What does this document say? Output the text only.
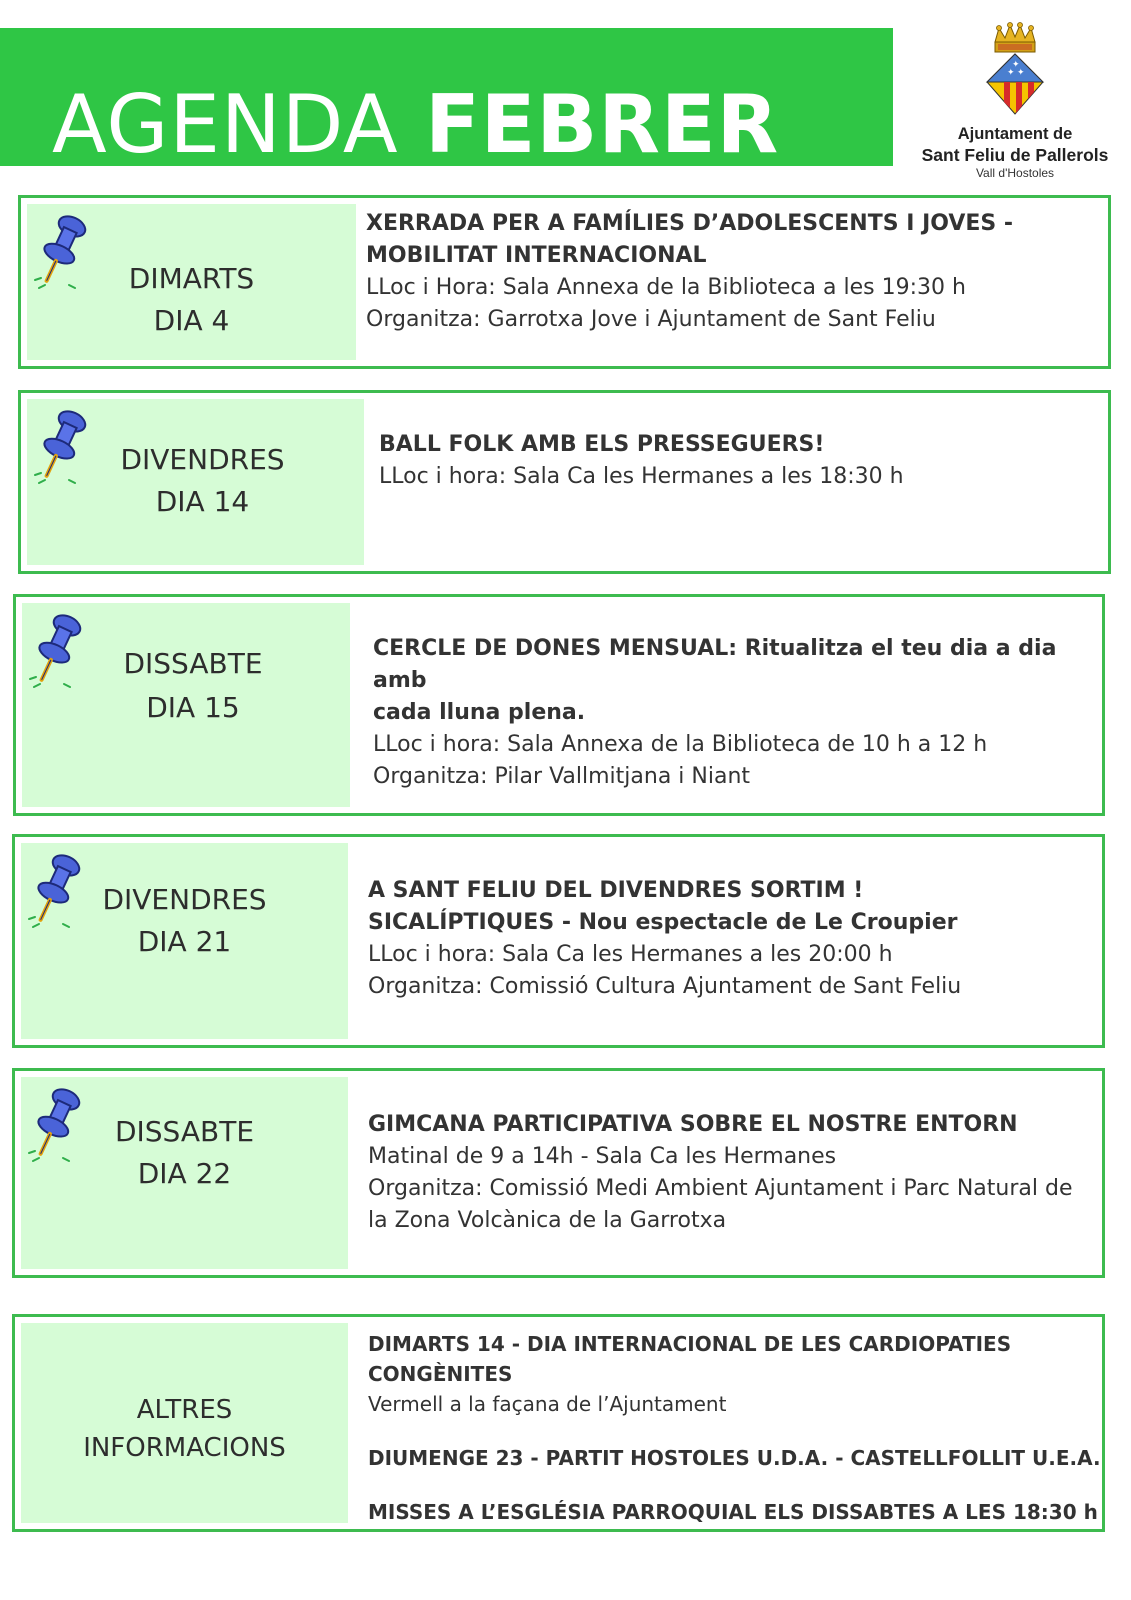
AGENDA FEBRER
✦ ✦
✦
Ajuntament de
Sant Feliu de Pallerols
Vall d'Hostoles
DIMARTS
DIA 4
XERRADA PER A FAMÍLIES D’ADOLESCENTS I JOVES -
MOBILITAT INTERNACIONAL
LLoc i Hora: Sala Annexa de la Biblioteca a les 19:30 h
Organitza: Garrotxa Jove i Ajuntament de Sant Feliu
DIVENDRES
DIA 14
BALL FOLK AMB ELS PRESSEGUERS!
LLoc i hora: Sala Ca les Hermanes a les 18:30 h
DISSABTE
DIA 15
CERCLE DE DONES MENSUAL: Ritualitza el teu dia a dia amb
cada lluna plena.
LLoc i hora: Sala Annexa de la Biblioteca de 10 h a 12 h
Organitza: Pilar Vallmitjana i Niant
DIVENDRES
DIA 21
A SANT FELIU DEL DIVENDRES SORTIM !
SICALÍPTIQUES - Nou espectacle de Le Croupier
LLoc i hora: Sala Ca les Hermanes a les 20:00 h
Organitza: Comissió Cultura Ajuntament de Sant Feliu
DISSABTE
DIA 22
GIMCANA PARTICIPATIVA SOBRE EL NOSTRE ENTORN
Matinal de 9 a 14h - Sala Ca les Hermanes
Organitza: Comissió Medi Ambient Ajuntament i Parc Natural de
la Zona Volcànica de la Garrotxa
ALTRES
INFORMACIONS
DIMARTS 14 - DIA INTERNACIONAL DE LES CARDIOPATIES CONGÈNITES
Vermell a la façana de l’Ajuntament
DIUMENGE 23 - PARTIT HOSTOLES U.D.A. - CASTELLFOLLIT U.E.A.
MISSES A L’ESGLÉSIA PARROQUIAL ELS DISSABTES A LES 18:30 h
